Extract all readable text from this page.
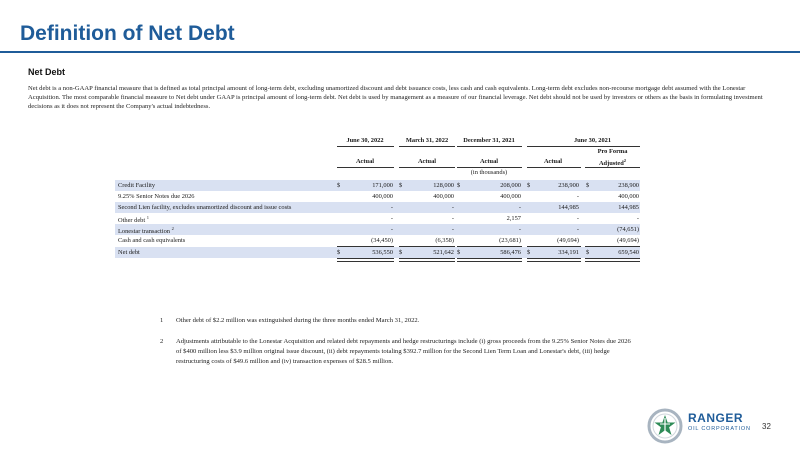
Definition of Net Debt
Net Debt

Net debt is a non-GAAP financial measure that is defined as total principal amount of long-term debt, excluding unamortized discount and debt issuance costs, less cash and cash equivalents. Long-term debt excludes non-recourse mortgage debt assumed with the Lonestar Acquisition. The most comparable financial measure to Net debt under GAAP is principal amount of long-term debt. Net debt is used by management as a measure of our financial leverage. Net debt should not be used by investors or others as the basis in formulating investment decisions as it does not represent the Company's actual indebtedness.

June 30, 2022	March 31, 2022	December 31, 2021	June 30, 2021
Pro Forma
Actual	Actual	Actual	Actual	Adjusted$^2$
(in thousands)
Credit Facility	$	171,000 $	128,000 $	208,000 $	238,900 $	238,900
9.25% Senior Notes due 2026	400,000	400,000	400,000	-	400,000
Second Lien facility, excludes unamortized discount and issue costs	-	-	-	144,985	144,985
Other debt $^1$	-	-	2,157	-	-
Lonestar transaction $^2$	-	-	-	-	(74,651)
Cash and cash equivalents	(34,450)	(6,358)	(23,681)	(49,694)	(49,694)
Net debt	$	536,550 $	521,642 $	586,476 $	334,191 $	659,540
1 Other debt of $2.2 million was extinguished during the three months ended March 31, 2022.
2 Adjustments attributable to the Lonestar Acquisition and related debt repayments and hedge restructurings include (i) gross proceeds from the 9.25% Senior Notes due 2026 of $400 million less $3.9 million original issue discount, (ii) debt repayments totaling $392.7 million for the Second Lien Term Loan and Lonestar's debt, (iii) hedge restructuring costs of $49.6 million and (iv) transaction expenses of $28.5 million.
RANGER
OIL CORPORATION 32
